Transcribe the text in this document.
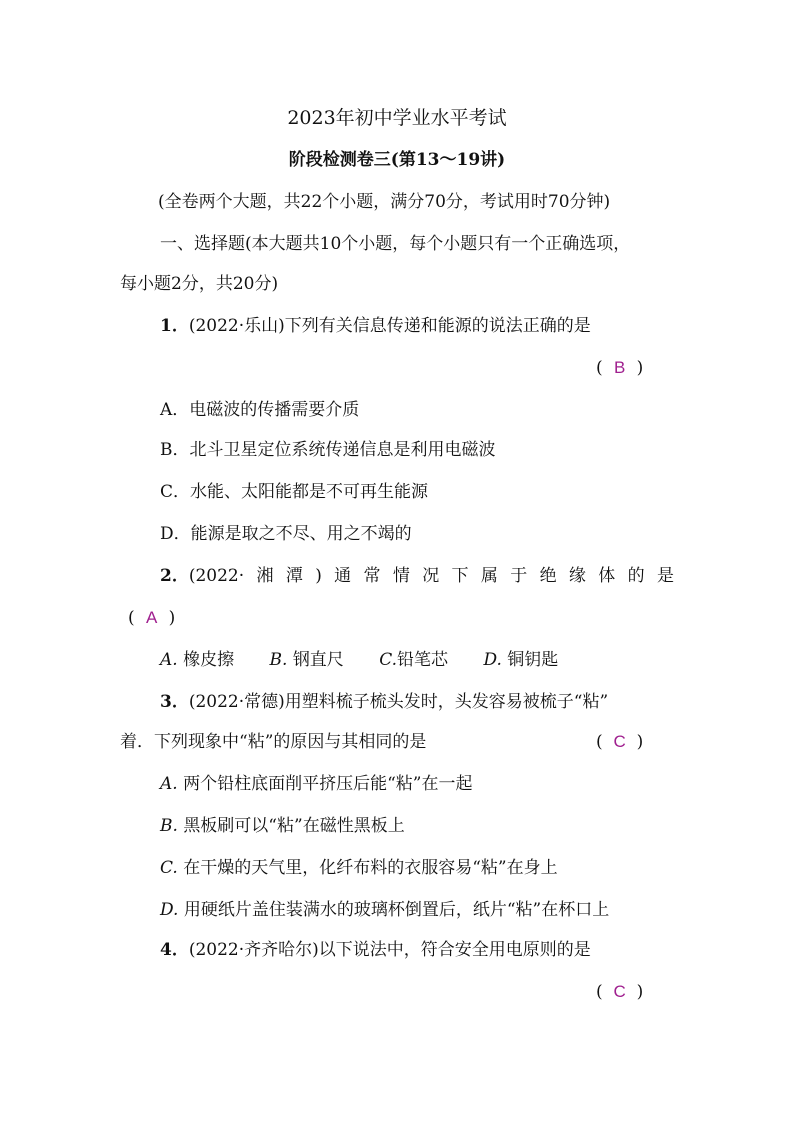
2023年初中学业水平考试
阶段检测卷三(第13～19讲)
(全卷两个大题，共22个小题，满分70分，考试用时70分钟)
一、选择题(本大题共10个小题，每个小题只有一个正确选项，
每小题2分，共20分)
1．(2022·乐山)下列有关信息传递和能源的说法正确的是
( B )
A．电磁波的传播需要介质
B．北斗卫星定位系统传递信息是利用电磁波
C．水能、太阳能都是不可再生能源
D．能源是取之不尽、用之不竭的
2．(2022· 湘 潭 ) 通 常 情 况 下 属 于 绝 缘 体 的 是
( A )
A. 橡皮擦 B. 钢直尺 C.铅笔芯 D. 铜钥匙
3．(2022·常德)用塑料梳子梳头发时，头发容易被梳子“粘”
着．下列现象中“粘”的原因与其相同的是	( C )
A. 两个铅柱底面削平挤压后能“粘”在一起
B. 黑板刷可以“粘”在磁性黑板上
C. 在干燥的天气里，化纤布料的衣服容易“粘”在身上
D. 用硬纸片盖住装满水的玻璃杯倒置后，纸片“粘”在杯口上
4．(2022·齐齐哈尔)以下说法中，符合安全用电原则的是
( C )
